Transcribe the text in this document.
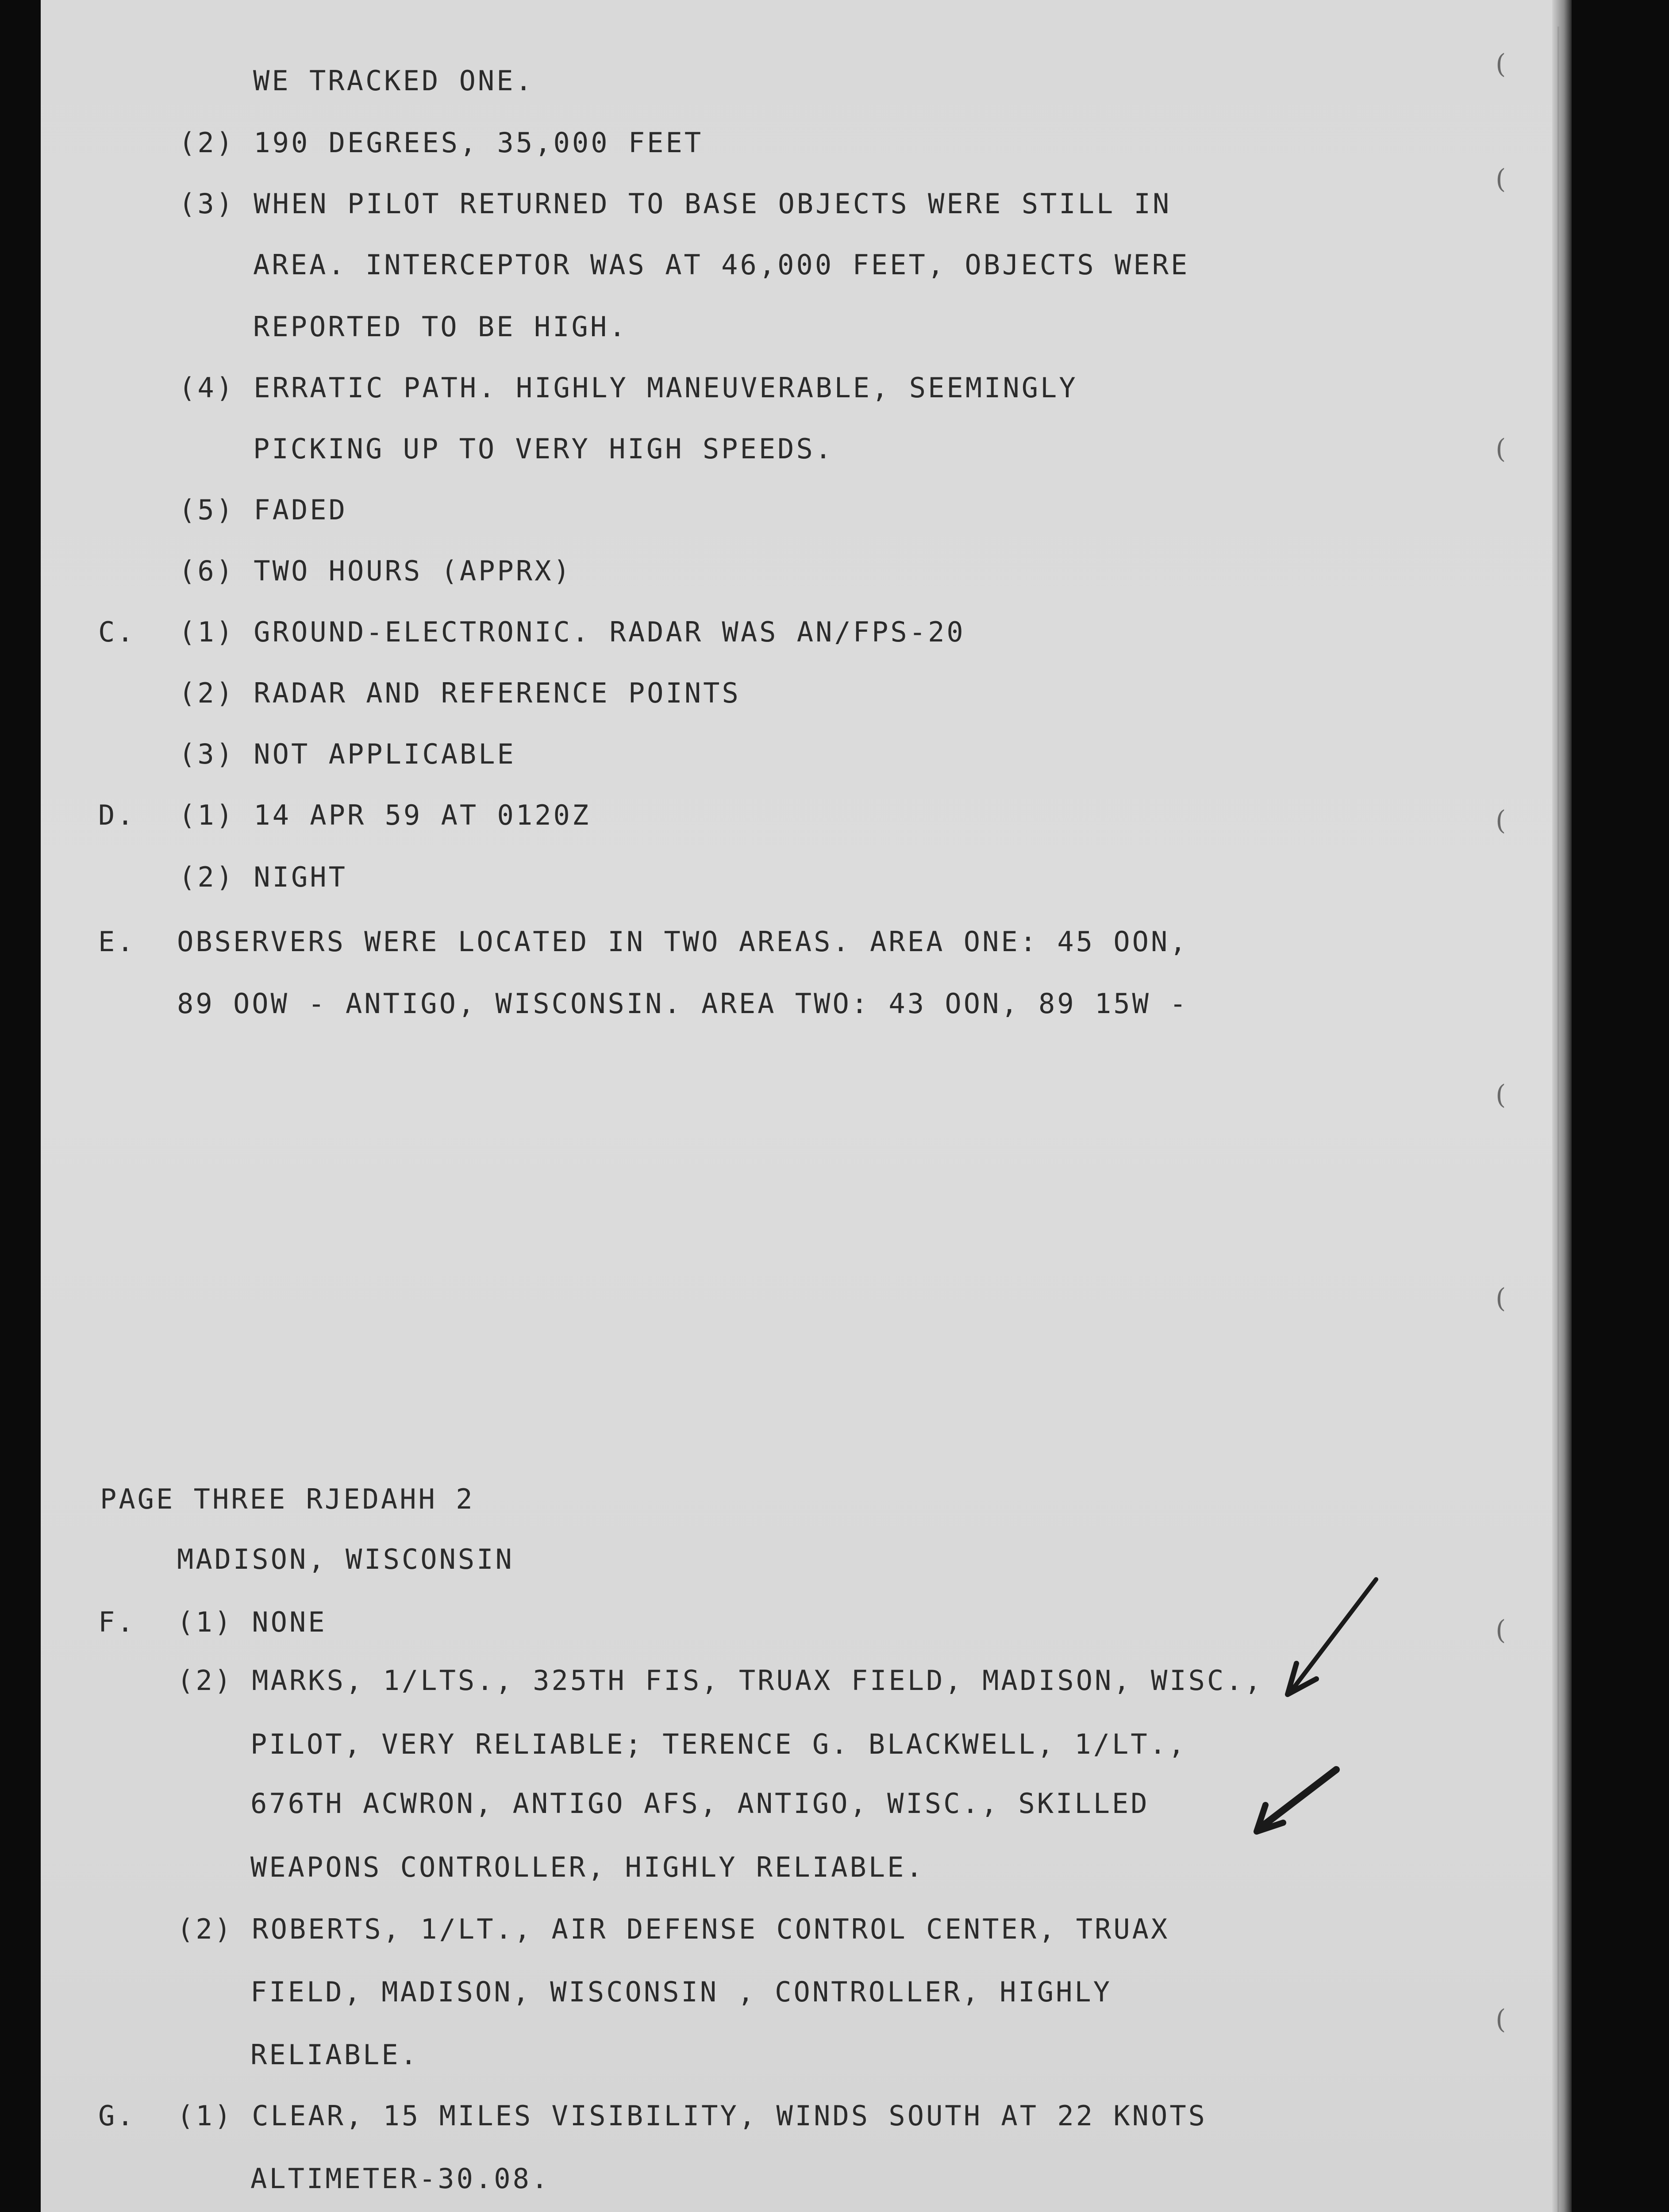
WE TRACKED ONE.
(2) 190 DEGREES, 35,000 FEET
(3) WHEN PILOT RETURNED TO BASE OBJECTS WERE STILL IN
AREA. INTERCEPTOR WAS AT 46,000 FEET, OBJECTS WERE
REPORTED TO BE HIGH.
(4) ERRATIC PATH. HIGHLY MANEUVERABLE, SEEMINGLY
PICKING UP TO VERY HIGH SPEEDS.
(5) FADED
(6) TWO HOURS (APPRX)
C. (1) GROUND-ELECTRONIC. RADAR WAS AN/FPS-20
(2) RADAR AND REFERENCE POINTS
(3) NOT APPLICABLE
D. (1) 14 APR 59 AT 0120Z
(2) NIGHT
E. OBSERVERS WERE LOCATED IN TWO AREAS. AREA ONE: 45 OON,
89 OOW - ANTIGO, WISCONSIN. AREA TWO: 43 OON, 89 15W -
PAGE THREE RJEDAHH 2
MADISON, WISCONSIN
F. (1) NONE
(2) MARKS, 1/LTS., 325TH FIS, TRUAX FIELD, MADISON, WISC.,
PILOT, VERY RELIABLE; TERENCE G. BLACKWELL, 1/LT.,
676TH ACWRON, ANTIGO AFS, ANTIGO, WISC., SKILLED
WEAPONS CONTROLLER, HIGHLY RELIABLE.
(2) ROBERTS, 1/LT., AIR DEFENSE CONTROL CENTER, TRUAX
FIELD, MADISON, WISCONSIN , CONTROLLER, HIGHLY
RELIABLE.
G. (1) CLEAR, 15 MILES VISIBILITY, WINDS SOUTH AT 22 KNOTS
ALTIMETER-30.08.
(
(
(
(
(
(
(
(
